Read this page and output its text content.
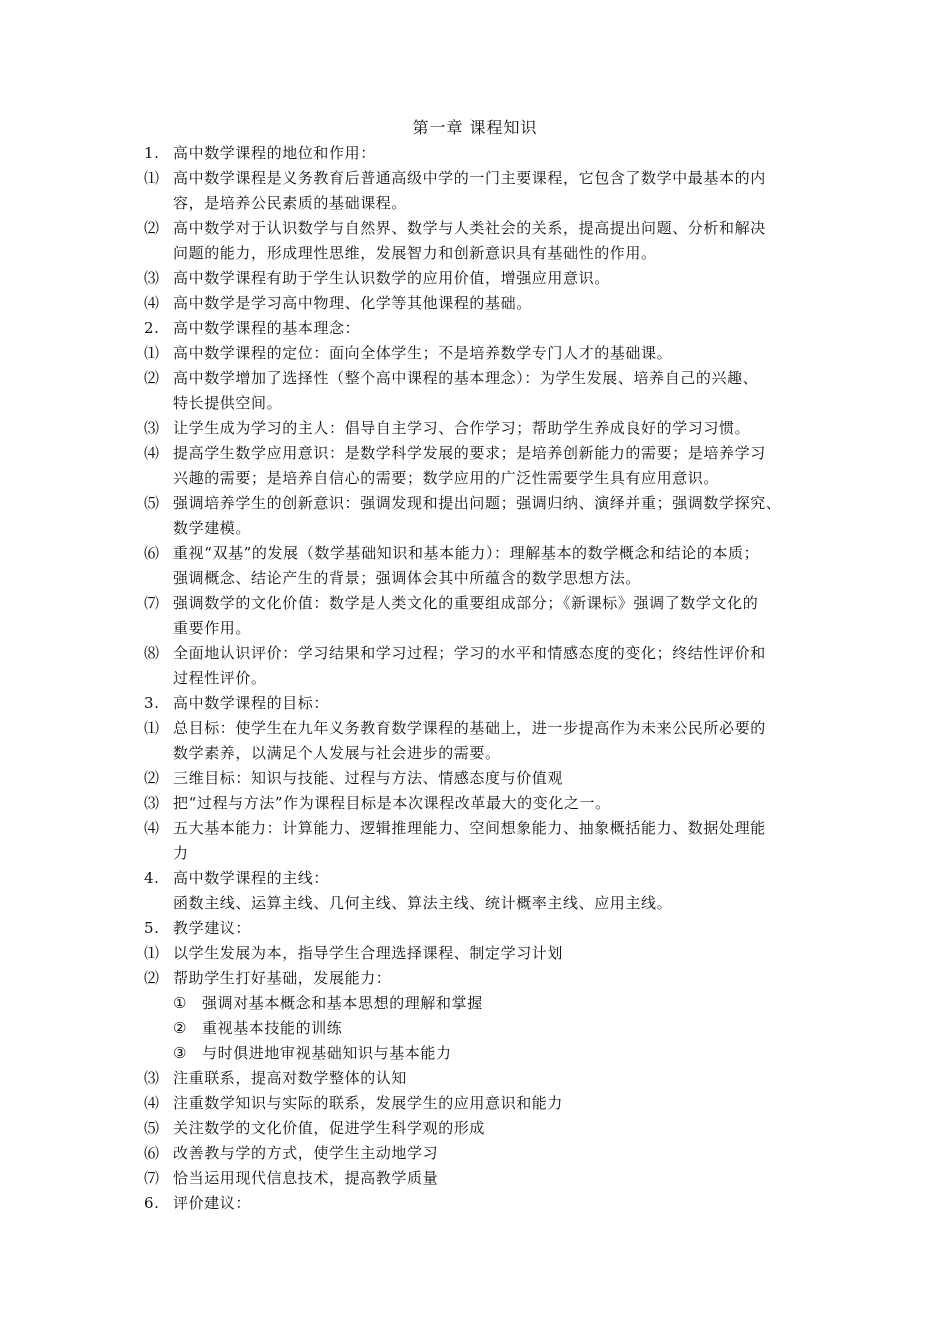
第一章 课程知识
1. 高中数学课程的地位和作用：
⑴ 高中数学课程是义务教育后普通高级中学的一门主要课程，它包含了数学中最基本的内
容，是培养公民素质的基础课程。
⑵ 高中数学对于认识数学与自然界、数学与人类社会的关系，提高提出问题、分析和解决
问题的能力，形成理性思维，发展智力和创新意识具有基础性的作用。
⑶ 高中数学课程有助于学生认识数学的应用价值，增强应用意识。
⑷ 高中数学是学习高中物理、化学等其他课程的基础。
2. 高中数学课程的基本理念：
⑴ 高中数学课程的定位：面向全体学生；不是培养数学专门人才的基础课。
⑵ 高中数学增加了选择性（整个高中课程的基本理念）：为学生发展、培养自己的兴趣、
特长提供空间。
⑶ 让学生成为学习的主人：倡导自主学习、合作学习；帮助学生养成良好的学习习惯。
⑷ 提高学生数学应用意识：是数学科学发展的要求；是培养创新能力的需要；是培养学习
兴趣的需要；是培养自信心的需要；数学应用的广泛性需要学生具有应用意识。
⑸ 强调培养学生的创新意识：强调发现和提出问题；强调归纳、演绎并重；强调数学探究、
数学建模。
⑹ 重视“双基”的发展（数学基础知识和基本能力）：理解基本的数学概念和结论的本质；
强调概念、结论产生的背景；强调体会其中所蕴含的数学思想方法。
⑺ 强调数学的文化价值：数学是人类文化的重要组成部分；《新课标》强调了数学文化的
重要作用。
⑻ 全面地认识评价：学习结果和学习过程；学习的水平和情感态度的变化；终结性评价和
过程性评价。
3. 高中数学课程的目标：
⑴ 总目标：使学生在九年义务教育数学课程的基础上，进一步提高作为未来公民所必要的
数学素养，以满足个人发展与社会进步的需要。
⑵ 三维目标：知识与技能、过程与方法、情感态度与价值观
⑶ 把“过程与方法”作为课程目标是本次课程改革最大的变化之一。
⑷ 五大基本能力：计算能力、逻辑推理能力、空间想象能力、抽象概括能力、数据处理能
力
4. 高中数学课程的主线：
函数主线、运算主线、几何主线、算法主线、统计概率主线、应用主线。
5. 教学建议：
⑴ 以学生发展为本，指导学生合理选择课程、制定学习计划
⑵ 帮助学生打好基础，发展能力：
① 强调对基本概念和基本思想的理解和掌握
② 重视基本技能的训练
③ 与时俱进地审视基础知识与基本能力
⑶ 注重联系，提高对数学整体的认知
⑷ 注重数学知识与实际的联系，发展学生的应用意识和能力
⑸ 关注数学的文化价值，促进学生科学观的形成
⑹ 改善教与学的方式，使学生主动地学习
⑺ 恰当运用现代信息技术，提高教学质量
6. 评价建议：
